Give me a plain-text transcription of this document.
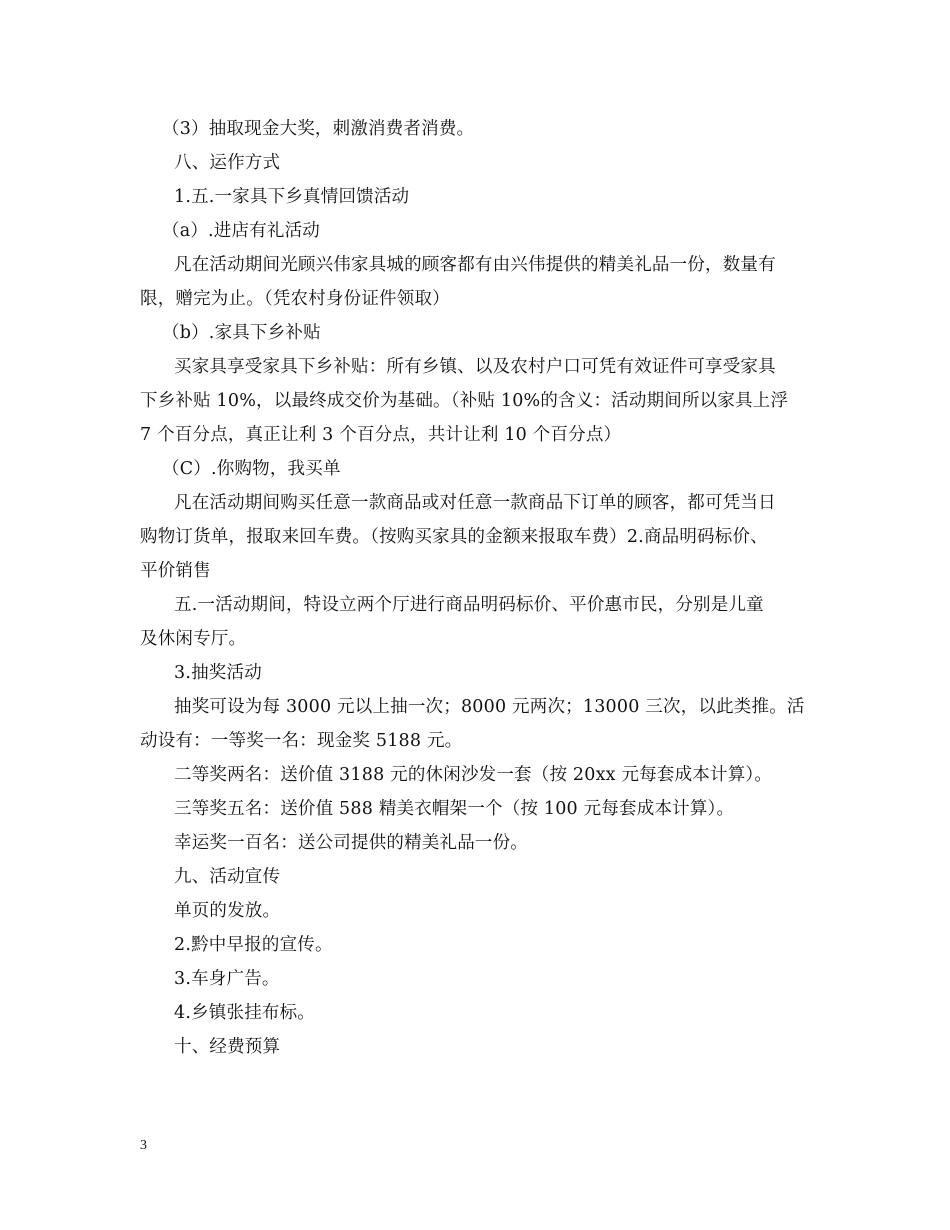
（3）抽取现金大奖，刺激消费者消费。
八、运作方式
1.五.一家具下乡真情回馈活动
（a）.进店有礼活动
凡在活动期间光顾兴伟家具城的顾客都有由兴伟提供的精美礼品一份，数量有
限，赠完为止。（凭农村身份证件领取）
（b）.家具下乡补贴
买家具享受家具下乡补贴：所有乡镇、以及农村户口可凭有效证件可享受家具
下乡补贴 10%，以最终成交价为基础。（补贴 10%的含义：活动期间所以家具上浮
7 个百分点，真正让利 3 个百分点，共计让利 10 个百分点）
（C）.你购物，我买单
凡在活动期间购买任意一款商品或对任意一款商品下订单的顾客，都可凭当日
购物订货单，报取来回车费。（按购买家具的金额来报取车费）2.商品明码标价、
平价销售
五.一活动期间，特设立两个厅进行商品明码标价、平价惠市民，分别是儿童
及休闲专厅。
3.抽奖活动
抽奖可设为每 3000 元以上抽一次；8000 元两次；13000 三次，以此类推。活
动设有：一等奖一名：现金奖 5188 元。
二等奖两名：送价值 3188 元的休闲沙发一套（按 20xx 元每套成本计算）。
三等奖五名：送价值 588 精美衣帽架一个（按 100 元每套成本计算）。
幸运奖一百名：送公司提供的精美礼品一份。
九、活动宣传
单页的发放。
2.黔中早报的宣传。
3.车身广告。
4.乡镇张挂布标。
十、经费预算
3
